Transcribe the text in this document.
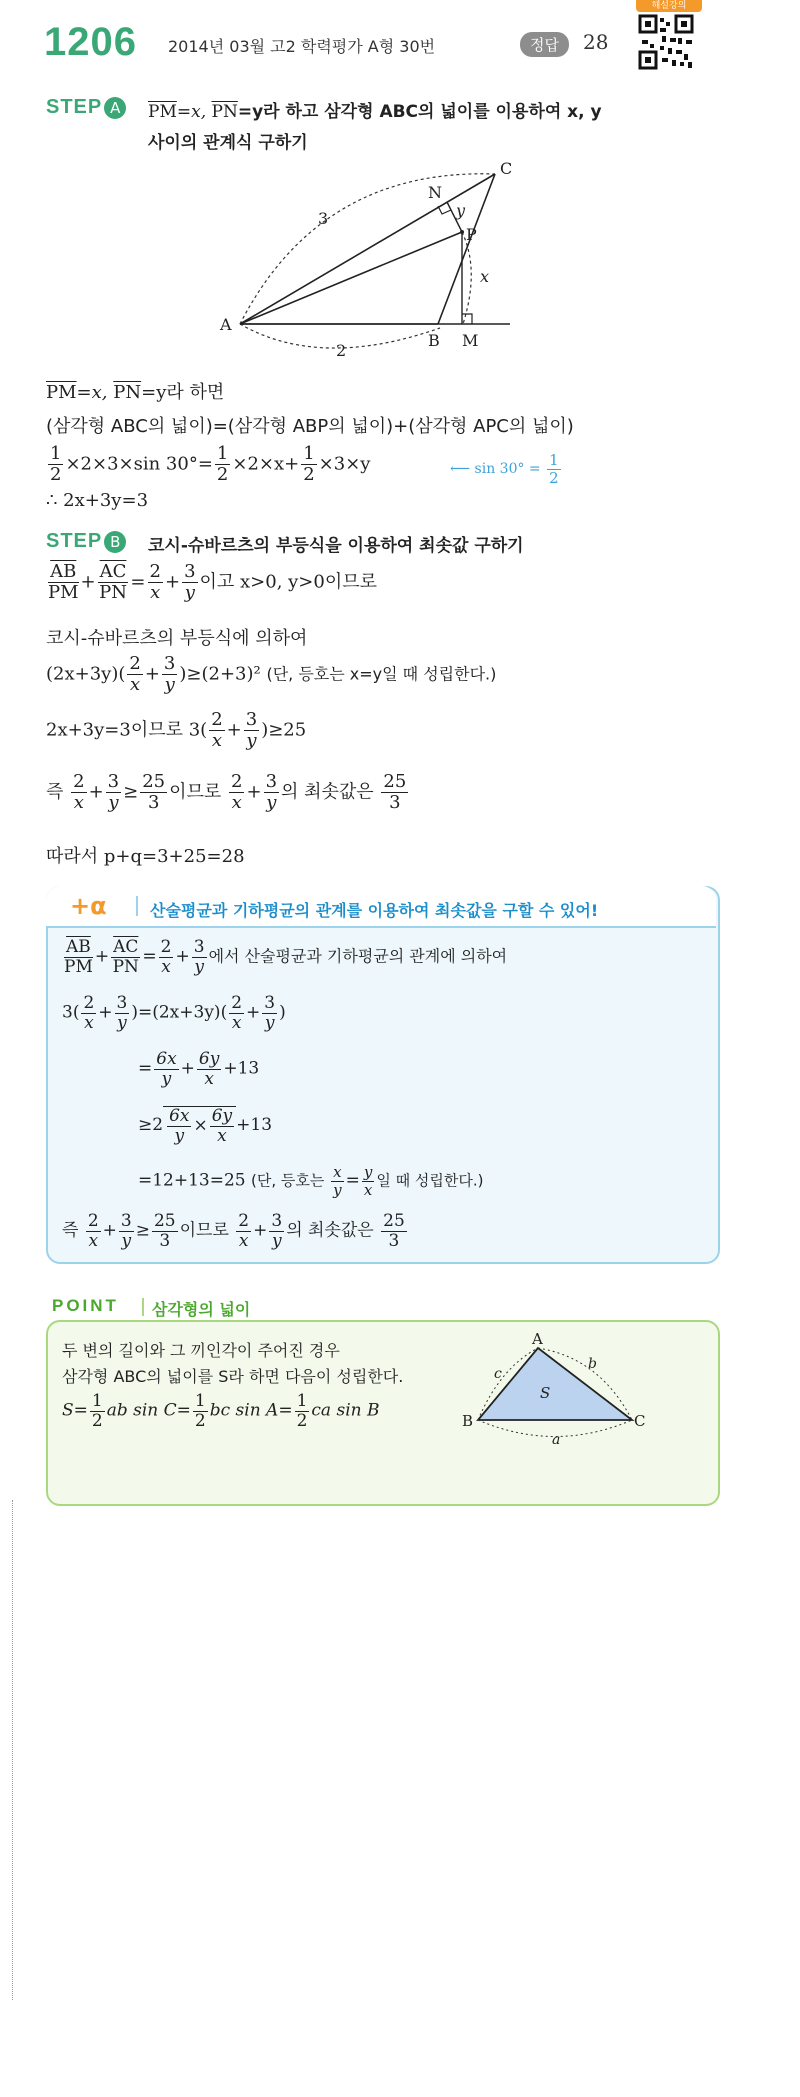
1206 2014년 03월 고2 학력평가 A형 30번	정답	28
해설강의
STEP A	$\overline{PM}=x$, $\overline{PN}=y$라 하고 삼각형 ABC의 넓이를 이용하여 x, y
사이의 관계식 구하기
A
B
C
M
N
P
x
y
3
2
$\overline{PM}=x$, $\overline{PN}=y$라 하면
(삼각형 ABC의 넓이)=(삼각형 ABP의 넓이)+(삼각형 APC의 넓이)
$\frac{1}{2} \times 2\times 3\times\sin$ $30^\circ= \frac{1}{2} \times 2\times x+ \frac{1}{2} \times 3\times y$	⟵ $\sin 30^\circ = \frac{1}{2}$
∴ 2x+3y=3
STEP B	코시-슈바르츠의 부등식을 이용하여 최솟값 구하기
$\frac{\overline{AB}}{PM} + \frac{\overline{AC}}{PN} = \frac{2}{x} + \frac{3}{y}$ 이고 x>0, y>0이므로
코시-슈바르츠의 부등식에 의하여
$(2x+3y)( \frac{2}{x} + \frac{3}{y} )\ge(2+3)^2$ (단, 등호는 x=y일 때 성립한다.)
2x+3y=3이므로 $3( \frac{2}{x} + \frac{3}{y} )\ge 25$
즉 $\frac{2}{x} + \frac{3}{y} \ge \frac{25}{3}$ 이므로 $\frac{2}{x} + \frac{3}{y}$ 의 최솟값은 $\frac{25}{3}$
따라서 p+q=3+25=28
+α	산술평균과 기하평균의 관계를 이용하여 최솟값을 구할 수 있어!
$\frac{\overline{AB}}{PM} + \frac{\overline{AC}}{PN} = \frac{2}{x} + \frac{3}{y}$ 에서 산술평균과 기하평균의 관계에 의하여
$3( \frac{2}{x} + \frac{3}{y} )=(2x+3y)( \frac{2}{x} + \frac{3}{y}$ )
= $\frac{6x}{y} + \frac{6y}{x} +13$
$\ge 2 \frac{6x}{y} \times \frac{6y}{x} +13$
=12+13=25 (단, 등호는 $\frac{x}{y} = \frac{y}{x}$ 일 때 성립한다.)
즉 $\frac{2}{x} + \frac{3}{y} \ge \frac{25}{3}$ 이므로 $\frac{2}{x} + \frac{3}{y}$ 의 최솟값은 $\frac{25}{3}$
POINT 삼각형의 넓이
두 변의 길이와 그 끼인각이 주어진 경우
삼각형 ABC의 넓이를 S라 하면 다음이 성립한다.
$S= \frac{1}{2}$ ab $\sin C= \frac{1}{2}$ bc $\sin A= \frac{1}{2}$ ca sin B
A
B	C
S
a
b
c
